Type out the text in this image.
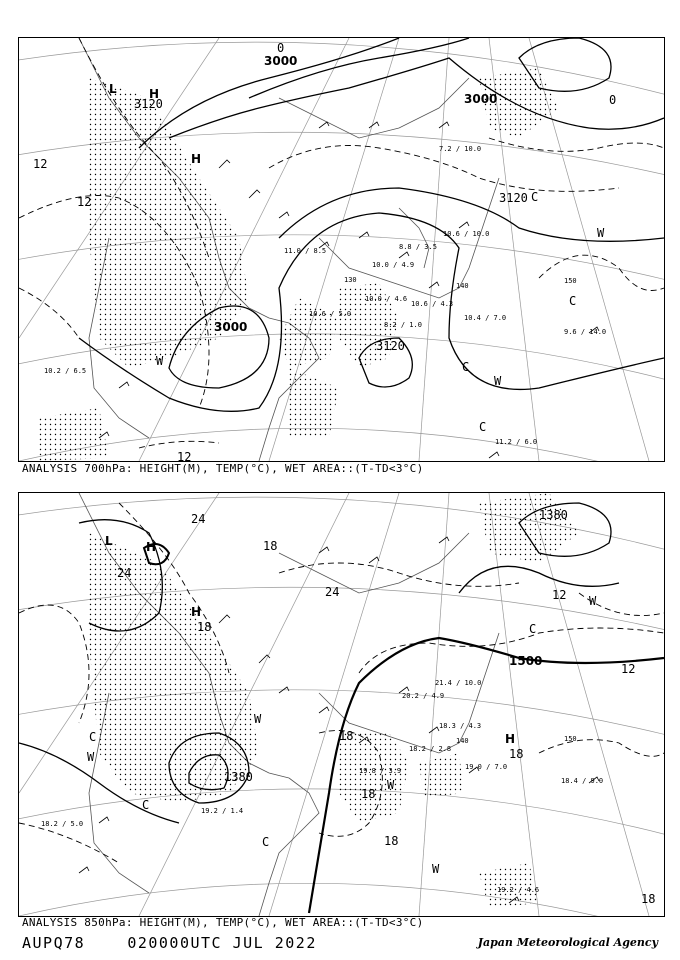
3000
3000
3120
3120
3000
3120
12
12
0
12
0
L	H
H
C
C
C
C
W
W
W
140
150
130
10.4 / 7.0
9.6 / 14.0
11.2 / 6.0
10.0 / 4.6
8.2 / 1.0
10.6 / 4.3
11.0 / 8.5	8.8 / 3.5
10.6 / 10.0
7.2 / 10.0
10.6 / 5.0
10.0 / 4.9
10.2 / 6.5
ANALYSIS 700hPa: HEIGHT(M), TEMP(°C), WET AREA::(T-TD<3°C)
1500
1380
1380
24
24
18
18
18
18
18
12
12
18
24
18
L	H
H
H
C
C
C
C
W
W
W
W
W
140	150
19.0 / 7.0
18.4 / 9.0
19.2 / 4.6
20.2 / 4.9
18.2 / 2.8
18.3 / 4.3
21.4 / 10.0
19.8 / 3.9
19.2 / 1.4
18.2 / 5.0
ANALYSIS 850hPa: HEIGHT(M), TEMP(°C), WET AREA::(T-TD<3°C)
AUPQ78	020000UTC JUL 2022	Japan Meteorological Agency
